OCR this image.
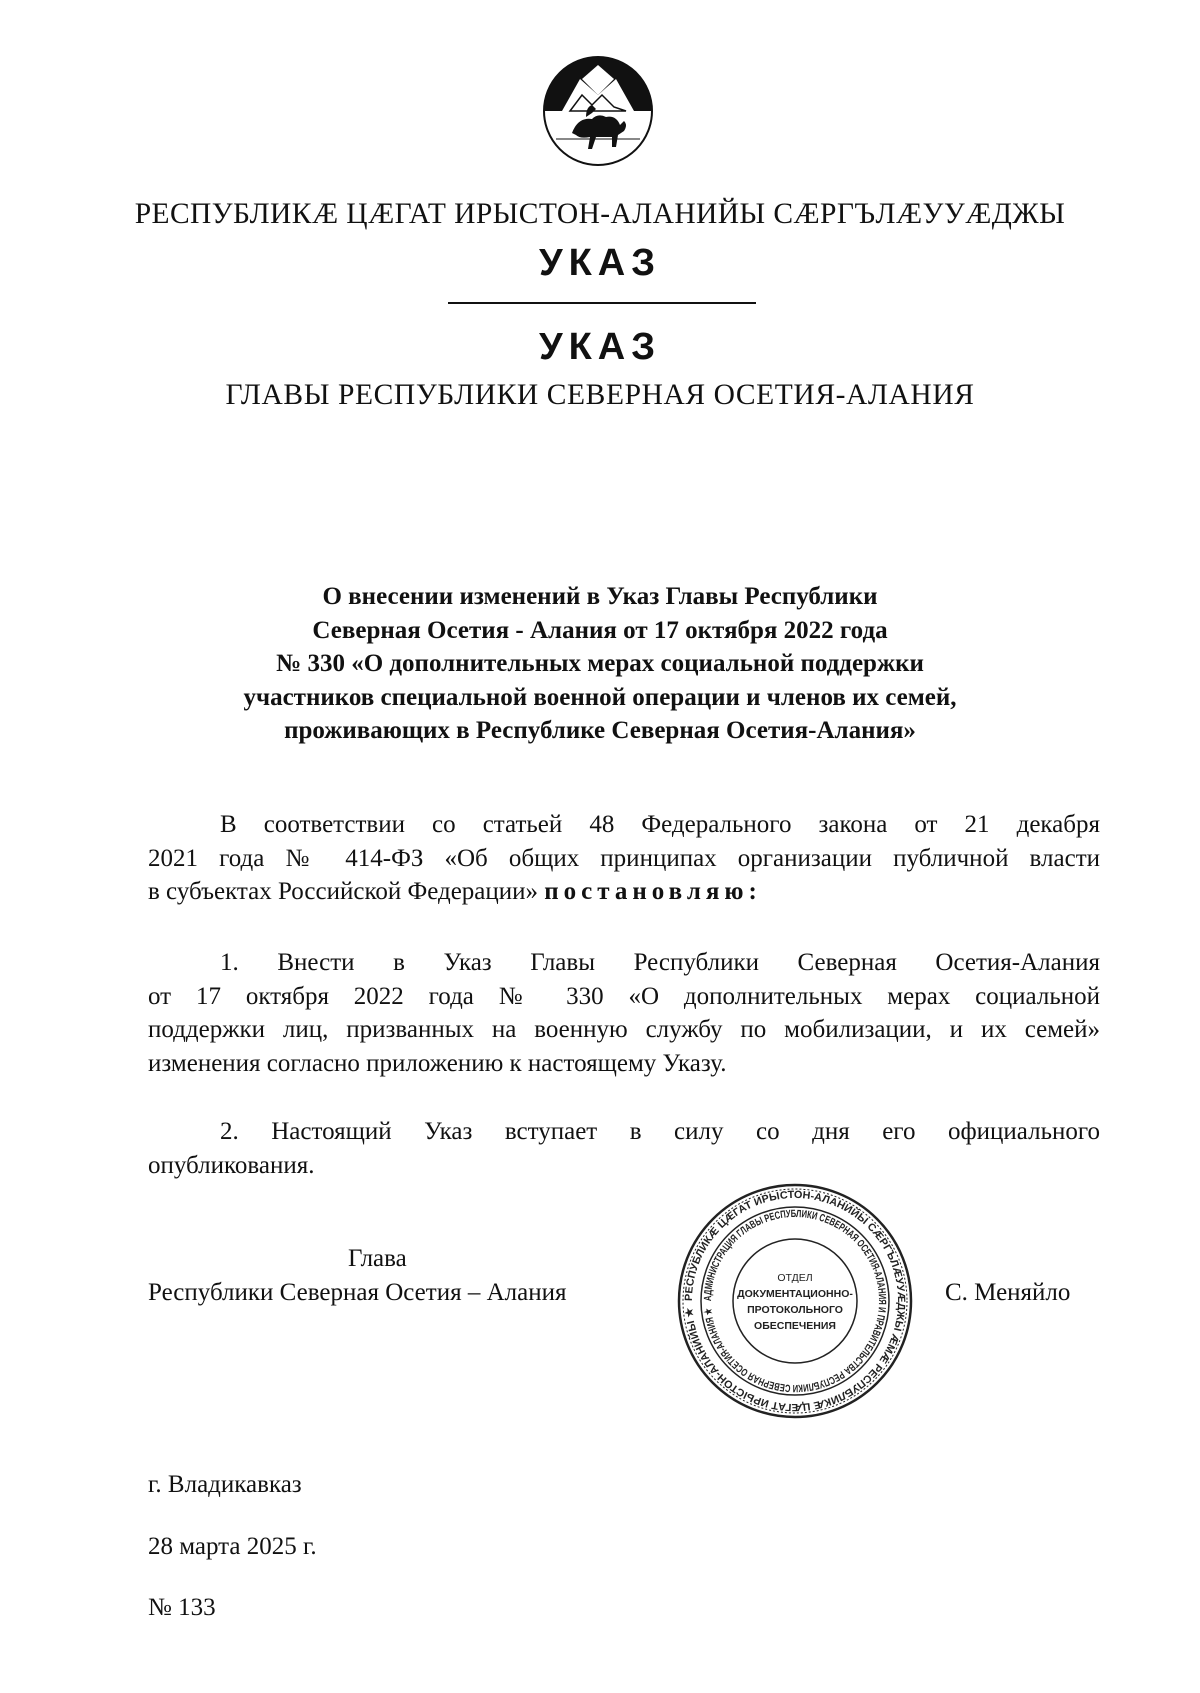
РЕСПУБЛИКӔ ЦӔГАТ ИРЫСТОН-АЛАНИЙЫ СӔРГЪЛӔУУӔДЖЫ
УКАЗ
УКАЗ
ГЛАВЫ РЕСПУБЛИКИ СЕВЕРНАЯ ОСЕТИЯ-АЛАНИЯ
О внесении изменений в Указ Главы Республики
Северная Осетия - Алания от 17 октября 2022 года
№ 330 «О дополнительных мерах социальной поддержки
участников специальной военной операции и членов их семей,
проживающих в Республике Северная Осетия-Алания»
В соответствии со статьей 48 Федерального закона от 21 декабря
2021 года № 414-ФЗ «Об общих принципах организации публичной власти
в субъектах Российской Федерации» постановляю:
1. Внести в Указ Главы Республики Северная Осетия-Алания
от 17 октября 2022 года № 330 «О дополнительных мерах социальной
поддержки лиц, призванных на военную службу по мобилизации, и их семей»
изменения согласно приложению к настоящему Указу.
2. Настоящий Указ вступает в силу со дня его официального
опубликования.
Глава
Республики Северная Осетия – Алания	РЕСПУБЛИКӔ ЦӔГАТ ИРЫСТОН-АЛАНИЙЫ СӔРГЪЛӔУУӔДЖЫ ӔМӔ РЕСПУБЛИКӔ ЦӔГАТ ИРЫСТОН-АЛАНИЙЫ ★
АДМИНИСТРАЦИЯ ГЛАВЫ РЕСПУБЛИКИ СЕВЕРНАЯ ОСЕТИЯ-АЛАНИЯ И ПРАВИТЕЛЬСТВА РЕСПУБЛИКИ СЕВЕРНАЯ ОСЕТИЯ-АЛАНИЯ ★
ОТДЕЛ
ДОКУМЕНТАЦИОННО-
ПРОТОКОЛЬНОГО
ОБЕСПЕЧЕНИЯ
С. Меняйло
г. Владикавказ
28 марта 2025 г.
№ 133
